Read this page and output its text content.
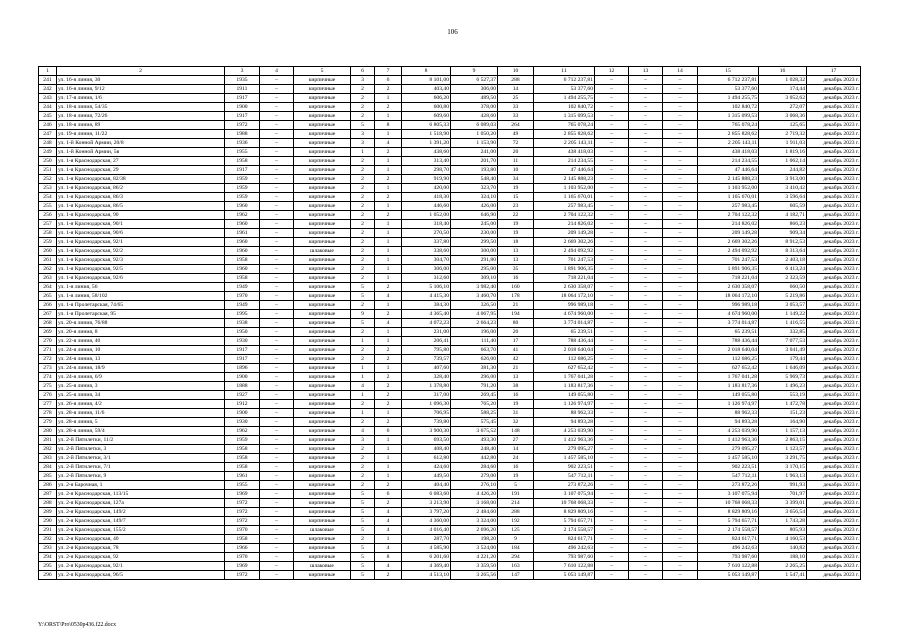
106
1	2	3	4	5	6	7	8	9	10	11	12	13	14	15	16	17
241	ул. 16-я линия, 30	1935	–	кирпичные	3	6	8 101,00	6 527,37	288	6 712 237,81	–	–	–	6 712 237,81	1 028,32	декабрь 2023 г.
242	ул. 16-я линия, 9/12	1911	–	кирпичные	2	2	403,40	306,00	14	53 377,60	–	–	–	53 377,60	174,44	декабрь 2023 г.
243	ул. 17-я линия, 1/6	1917	–	кирпичные	2	1	606,20	489,50	25	1 494 255,75	–	–	–	1 494 255,75	3 052,62	декабрь 2023 г.
244	ул. 18-я линия, 54/35	1900	–	кирпичные	2	2	600,80	378,00	33	102 840,72	–	–	–	102 840,72	272,07	декабрь 2023 г.
245	ул. 18-я линия, 72/26	1917	–	кирпичные	2	1	609,60	428,60	33	1 315 099,53	–	–	–	1 315 099,53	3 068,36	декабрь 2023 г.
246	ул. 18-я линия, 89	1972	–	кирпичные	5	8	6 805,33	6 089,03	264	765 078,24	–	–	–	765 078,24	125,65	декабрь 2023 г.
247	ул. 19-я линия, 11/22	1988	–	кирпичные	3	1	1 518,90	1 050,20	49	2 855 828,62	–	–	–	2 855 828,62	2 719,32	декабрь 2023 г.
248	ул. 1-й Конной Армии, 20/8	1936	–	кирпичные	3	4	1 391,20	1 153,90	72	2 205 143,11	–	–	–	2 205 143,11	1 911,03	декабрь 2023 г.
249	ул. 1-й Конной Армии, 5в	1955	–	кирпичные	1	2	438,60	241,00	20	438 418,03	–	–	–	438 418,03	1 819,16	декабрь 2023 г.
250	ул. 1-я Краснодарская, 27	1958	–	кирпичные	2	1	313,40	201,70	11	214 234,55	–	–	–	214 234,55	1 062,14	декабрь 2023 г.
251	ул. 1-я Краснодарская, 29	1917	–	кирпичные	2	1	298,70	193,80	10	47 446,64	–	–	–	47 446,64	244,82	декабрь 2023 г.
252	ул. 1-я Краснодарская, 82/38	1959	–	кирпичные	2	2	919,90	548,40	34	2 145 888,23	–	–	–	2 145 888,23	3 913,00	декабрь 2023 г.
253	ул. 1-я Краснодарская, 86/2	1959	–	кирпичные	2	1	420,00	323,70	19	1 103 952,00	–	–	–	1 103 952,00	3 410,42	декабрь 2023 г.
254	ул. 1-я Краснодарская, 86/3	1959	–	кирпичные	2	2	418,30	324,10	15	1 165 670,01	–	–	–	1 165 670,01	3 596,64	декабрь 2023 г.
255	ул. 1-я Краснодарская, 86/5	1960	–	кирпичные	2	1	446,60	426,00	23	257 983,45	–	–	–	257 983,45	605,59	декабрь 2023 г.
256	ул. 1-я Краснодарская, 90	1962	–	кирпичные	2	2	1 052,00	646,90	22	2 704 122,32	–	–	–	2 704 122,32	4 182,71	декабрь 2023 г.
257	ул. 1-я Краснодарская, 90/1	1960	–	кирпичные	2	1	318,40	245,00	19	214 826,02	–	–	–	214 826,02	866,23	декабрь 2023 г.
258	ул. 1-я Краснодарская, 90/6	1961	–	кирпичные	2	1	270,50	230,00	19	209 149,28	–	–	–	209 149,28	909,34	декабрь 2023 г.
259	ул. 1-я Краснодарская, 92/1	1960	–	кирпичные	2	1	337,80	299,50	18	2 669 302,26	–	–	–	2 669 302,26	8 912,53	декабрь 2023 г.
260	ул. 1-я Краснодарская, 92/2	1960	–	шлаковые	2	1	338,60	300,00	13	2 494 092,92	–	–	–	2 494 092,92	8 313,64	декабрь 2023 г.
261	ул. 1-я Краснодарская, 92/3	1958	–	кирпичные	2	1	304,70	291,80	13	701 247,53	–	–	–	701 247,53	2 403,18	декабрь 2023 г.
262	ул. 1-я Краснодарская, 92/5	1960	–	кирпичные	2	1	306,00	295,00	35	1 891 906,35	–	–	–	1 891 906,35	6 413,24	декабрь 2023 г.
263	ул. 1-я Краснодарская, 92/6	1958	–	кирпичные	2	1	312,60	309,10	16	718 221,04	–	–	–	718 221,04	2 323,59	декабрь 2023 г.
264	ул. 1-я линия, 56	1949	–	кирпичные	5	2	5 106,10	3 982,40	160	2 630 358,07	–	–	–	2 630 358,07	660,50	декабрь 2023 г.
265	ул. 1-я линия, 58/102	1970	–	кирпичные	5	4	4 415,30	3 460,70	178	18 064 172,10	–	–	–	18 064 172,10	5 219,86	декабрь 2023 г.
266	ул. 1-я Пролетарская, 74/65	1949	–	кирпичные	2	1	384,30	326,50	21	996 989,18	–	–	–	996 989,18	3 053,57	декабрь 2023 г.
267	ул. 1-я Пролетарская, 95	1995	–	кирпичные	9	2	4 365,40	4 067,95	194	4 674 960,00	–	–	–	4 674 960,00	1 149,22	декабрь 2023 г.
268	ул. 20-я линия, 76/88	1938	–	кирпичные	5	4	4 072,23	2 664,23	80	3 774 014,87	–	–	–	3 774 014,87	1 416,55	декабрь 2023 г.
269	ул. 20-я линия, 8	1950	–	кирпичные	2	1	231,00	196,00	20	65 239,51	–	–	–	65 239,51	332,85	декабрь 2023 г.
270	ул. 22-я линия, 40	1930	–	кирпичные	1	1	206,41	111,40	17	788 436,44	–	–	–	788 436,44	7 077,53	декабрь 2023 г.
271	ул. 24-я линия, 10	1917	–	кирпичные	2	2	795,80	663,70	41	2 018 640,04	–	–	–	2 018 640,04	3 041,49	декабрь 2023 г.
272	ул. 24-я линия, 13	1917	–	кирпичные	2	2	739,57	626,00	42	112 686,25	–	–	–	112 686,25	179,44	декабрь 2023 г.
273	ул. 24-я линия, 18/9	1896	–	кирпичные	1	1	407,60	381,30	21	627 652,42	–	–	–	627 652,42	1 646,09	декабрь 2023 г.
274	ул. 24-я линия, 6/9	1900	–	кирпичные	1	2	328,40	296,00	13	1 767 041,28	–	–	–	1 767 041,28	5 969,73	декабрь 2023 г.
275	ул. 25-я линия, 3	1888	–	кирпичные	4	2	1 378,80	791,20	38	1 183 817,36	–	–	–	1 183 817,36	1 496,23	декабрь 2023 г.
276	ул. 25-я линия, 34	1927	–	кирпичные	1	2	317,00	269,45	16	149 055,80	–	–	–	149 055,80	553,19	декабрь 2023 г.
277	ул. 26-я линия, 4/2	1912	–	кирпичные	2	2	1 096,30	765,20	19	1 126 974,97	–	–	–	1 126 974,97	1 472,78	декабрь 2023 г.
278	ул. 28-я линия, 11/6	1900	–	кирпичные	1	1	706,95	588,25	31	88 962,33	–	–	–	88 962,33	151,23	декабрь 2023 г.
279	ул. 28-я линия, 5	1930	–	кирпичные	2	2	739,80	575,45	32	94 893,28	–	–	–	94 893,28	164,90	декабрь 2023 г.
280	ул. 28-я линия, 59/4	1962	–	кирпичные	4	6	3 900,30	3 675,52	148	4 253 039,90	–	–	–	4 253 039,90	1 157,13	декабрь 2023 г.
281	ул. 2-й Пятилетки, 11/2	1959	–	кирпичные	3	1	693,50	493,30	27	1 412 963,36	–	–	–	1 412 963,36	2 863,15	декабрь 2023 г.
282	ул. 2-й Пятилетки, 3	1958	–	кирпичные	2	1	408,40	248,40	14	279 095,27	–	–	–	279 095,27	1 123,57	декабрь 2023 г.
283	ул. 2-й Пятилетки, 3/1	1958	–	кирпичные	2	1	612,80	442,80	24	1 457 585,10	–	–	–	1 457 585,10	3 291,75	декабрь 2023 г.
284	ул. 2-й Пятилетки, 7/1	1958	–	кирпичные	2	1	424,60	284,60	16	902 223,51	–	–	–	902 223,51	3 170,15	декабрь 2023 г.
285	ул. 2-й Пятилетки, 9	1961	–	кирпичные	2	1	449,50	279,00	19	547 712,11	–	–	–	547 712,11	1 963,13	декабрь 2023 г.
286	ул. 2-я Барочная, 1	1955	–	кирпичные	2	2	404,40	276,10	5	273 872,26	–	–	–	273 872,26	991,93	декабрь 2023 г.
287	ул. 2-я Краснодарская, 113/15	1969	–	кирпичные	5	6	6 083,60	4 426,20	191	3 107 075,94	–	–	–	3 107 075,94	701,97	декабрь 2023 г.
288	ул. 2-я Краснодарская, 127а	1972	–	кирпичные	5	2	3 213,90	3 168,00	214	10 768 068,33	–	–	–	10 768 068,33	3 399,01	декабрь 2023 г.
289	ул. 2-я Краснодарская, 149/2	1972	–	кирпичные	5	4	3 797,20	2 484,60	288	8 829 809,16	–	–	–	8 829 809,16	3 656,54	декабрь 2023 г.
290	ул. 2-я Краснодарская, 149/7	1972	–	кирпичные	5	4	4 360,00	3 324,00	192	5 794 657,71	–	–	–	5 794 657,71	1 743,28	декабрь 2023 г.
291	ул. 2-я Краснодарская, 155/2	1970	–	шлаковые	5	4	4 016,40	2 696,20	125	2 174 558,57	–	–	–	2 174 558,57	805,93	декабрь 2023 г.
292	ул. 2-я Краснодарская, 40	1958	–	кирпичные	2	1	287,70	198,20	9	824 617,71	–	–	–	824 617,71	4 160,53	декабрь 2023 г.
293	ул. 2-я Краснодарская, 78	1966	–	кирпичные	5	4	4 585,90	3 524,00	184	496 242,63	–	–	–	496 242,63	140,82	декабрь 2023 г.
294	ул. 2-я Краснодарская, 92	1970	–	кирпичные	5	8	6 201,60	4 221,20	294	793 987,60	–	–	–	793 987,60	188,10	декабрь 2023 г.
295	ул. 2-я Краснодарская, 92/1	1969	–	шлаковые	5	4	4 369,40	3 359,50	163	7 610 122,88	–	–	–	7 610 122,88	2 265,25	декабрь 2023 г.
296	ул. 2-я Краснодарская, 96/5	1972	–	кирпичные	5	2	4 513,10	3 265,56	147	5 053 149,87	–	–	–	5 053 149,87	1 547,41	декабрь 2023 г.
Y:\ORST\Pro\0530p436.f22.docx
